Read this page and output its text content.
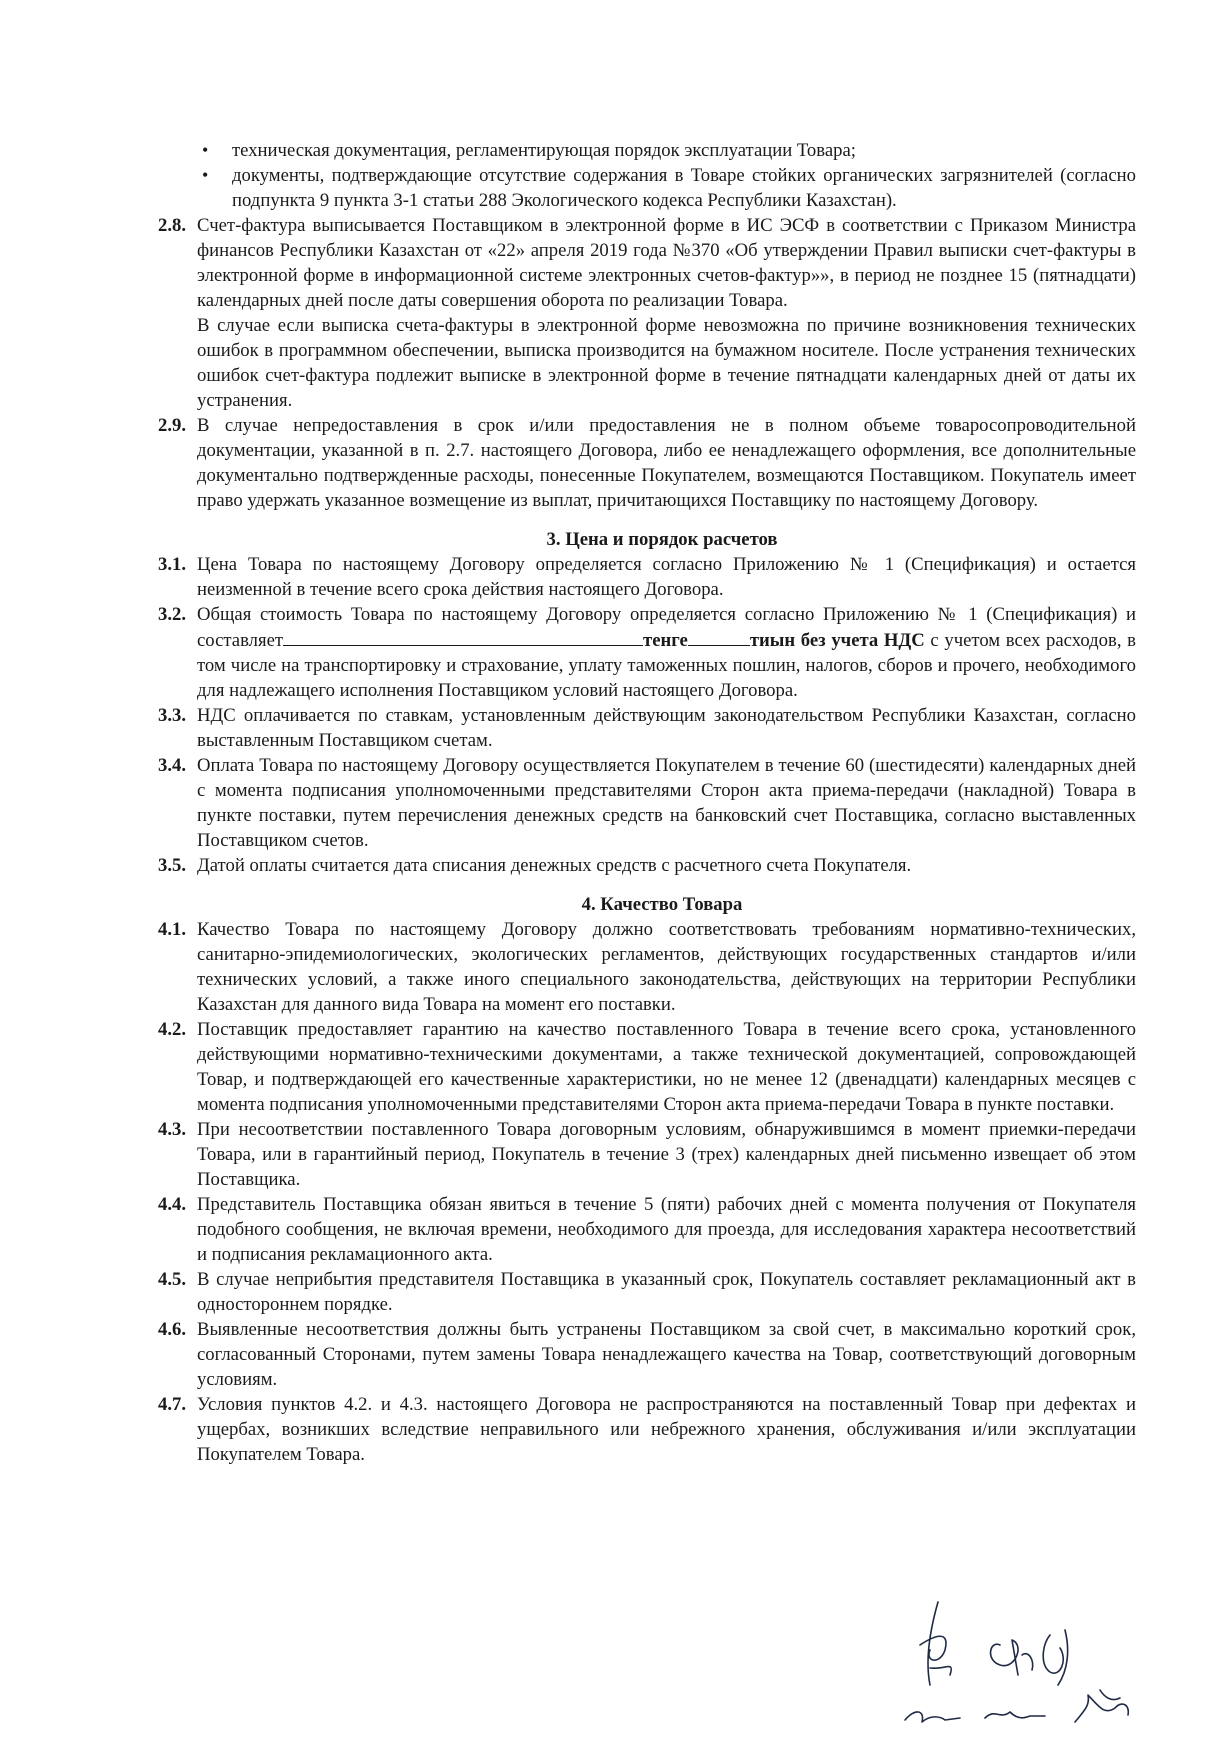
• техническая документация, регламентирующая порядок эксплуатации Товара;
• документы, подтверждающие отсутствие содержания в Товаре стойких органических загрязнителей (согласно подпункта 9 пункта 3-1 статьи 288 Экологического кодекса Республики Казахстан).
2.8. Счет-фактура выписывается Поставщиком в электронной форме в ИС ЭСФ в соответствии с Приказом Министра финансов Республики Казахстан от «22» апреля 2019 года №370 «Об утверждении Правил выписки счет-фактуры в электронной форме в информационной системе электронных счетов-фактур»», в период не позднее 15 (пятнадцати) календарных дней после даты совершения оборота по реализации Товара.

В случае если выписка счета-фактуры в электронной форме невозможна по причине возникновения технических ошибок в программном обеспечении, выписка производится на бумажном носителе. После устранения технических ошибок счет-фактура подлежит выписке в электронной форме в течение пятнадцати календарных дней от даты их устранения.

2.9. В случае непредоставления в срок и/или предоставления не в полном объеме товаросопроводительной документации, указанной в п. 2.7. настоящего Договора, либо ее ненадлежащего оформления, все дополнительные документально подтвержденные расходы, понесенные Покупателем, возмещаются Поставщиком. Покупатель имеет право удержать указанное возмещение из выплат, причитающихся Поставщику по настоящему Договору.

3. Цена и порядок расчетов
3.1. Цена Товара по настоящему Договору определяется согласно Приложению № 1 (Спецификация) и остается неизменной в течение всего срока действия настоящего Договора.

3.2. Общая стоимость Товара по настоящему Договору определяется согласно Приложению № 1 (Спецификация) и составляет	тенге	тиын без учета НДС с учетом всех расходов, в том числе на транспортировку и страхование, уплату таможенных пошлин, налогов, сборов и прочего, необходимого для надлежащего исполнения Поставщиком условий настоящего Договора.

3.3. НДС оплачивается по ставкам, установленным действующим законодательством Республики Казахстан, согласно выставленным Поставщиком счетам.

3.4. Оплата Товара по настоящему Договору осуществляется Покупателем в течение 60 (шестидесяти) календарных дней с момента подписания уполномоченными представителями Сторон акта приема-передачи (накладной) Товара в пункте поставки, путем перечисления денежных средств на банковский счет Поставщика, согласно выставленных Поставщиком счетов.

3.5. Датой оплаты считается дата списания денежных средств с расчетного счета Покупателя.

4. Качество Товара
4.1. Качество Товара по настоящему Договору должно соответствовать требованиям нормативно-технических, санитарно-эпидемиологических, экологических регламентов, действующих государственных стандартов и/или технических условий, а также иного специального законодательства, действующих на территории Республики Казахстан для данного вида Товара на момент его поставки.

4.2. Поставщик предоставляет гарантию на качество поставленного Товара в течение всего срока, установленного действующими нормативно-техническими документами, а также технической документацией, сопровождающей Товар, и подтверждающей его качественные характеристики, но не менее 12 (двенадцати) календарных месяцев с момента подписания уполномоченными представителями Сторон акта приема-передачи Товара в пункте поставки.

4.3. При несоответствии поставленного Товара договорным условиям, обнаружившимся в момент приемки-передачи Товара, или в гарантийный период, Покупатель в течение 3 (трех) календарных дней письменно извещает об этом Поставщика.

4.4. Представитель Поставщика обязан явиться в течение 5 (пяти) рабочих дней с момента получения от Покупателя подобного сообщения, не включая времени, необходимого для проезда, для исследования характера несоответствий и подписания рекламационного акта.

4.5. В случае неприбытия представителя Поставщика в указанный срок, Покупатель составляет рекламационный акт в одностороннем порядке.

4.6. Выявленные несоответствия должны быть устранены Поставщиком за свой счет, в максимально короткий срок, согласованный Сторонами, путем замены Товара ненадлежащего качества на Товар, соответствующий договорным условиям.

4.7. Условия пунктов 4.2. и 4.3. настоящего Договора не распространяются на поставленный Товар при дефектах и ущербах, возникших вследствие неправильного или небрежного хранения, обслуживания и/или эксплуатации Покупателем Товара.
